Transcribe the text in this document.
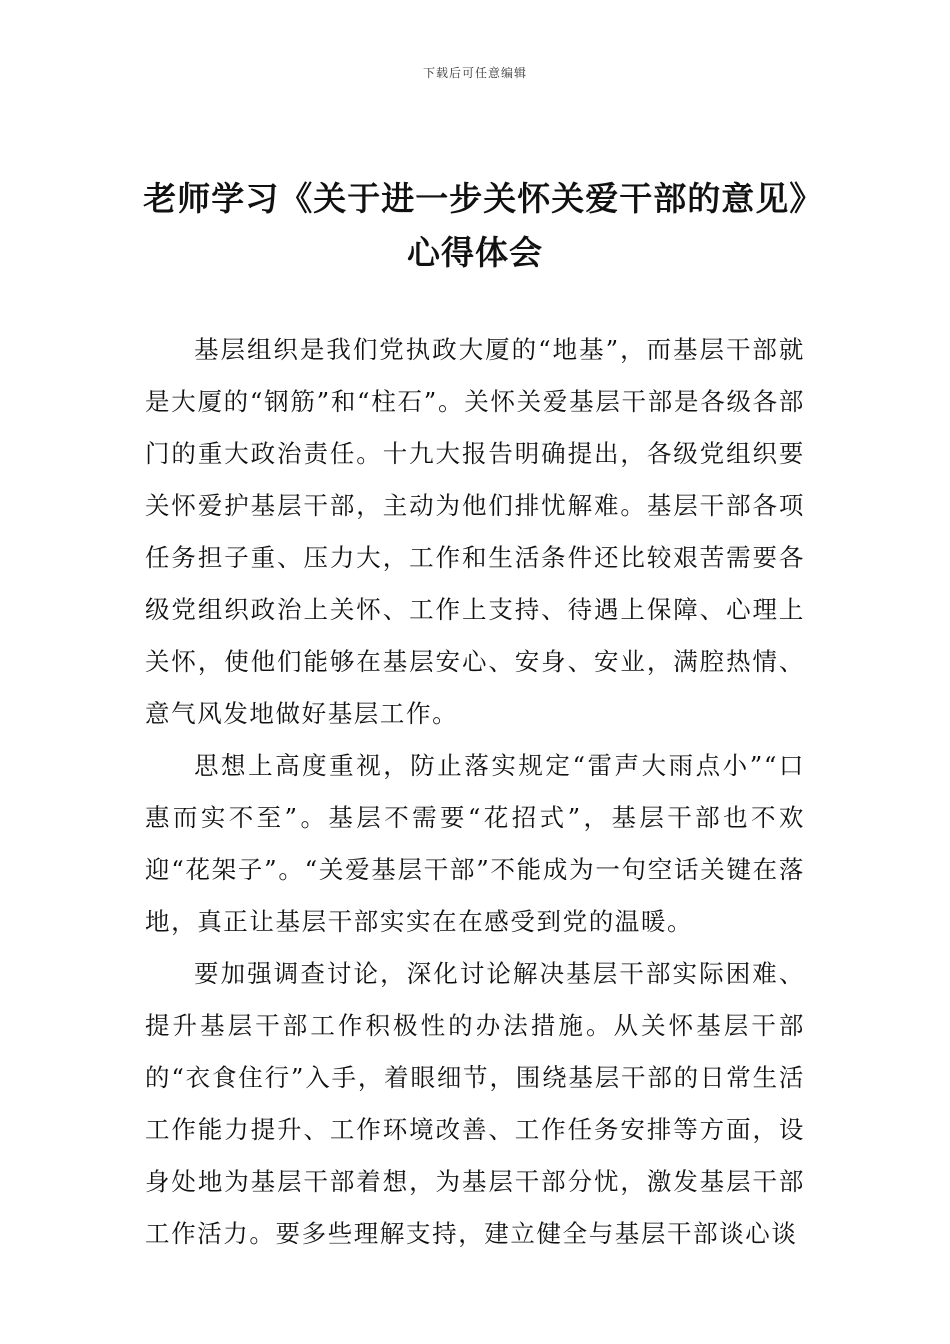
下载后可任意编辑
老师学习《关于进一步关怀关爱干部的意见》心得体会

基层组织是我们党执政大厦的“地基”，而基层干部就是大厦的“钢筋”和“柱石”。关怀关爱基层干部是各级各部门的重大政治责任。十九大报告明确提出，各级党组织要关怀爱护基层干部，主动为他们排忧解难。基层干部各项任务担子重、压力大，工作和生活条件还比较艰苦需要各级党组织政治上关怀、工作上支持、待遇上保障、心理上关怀，使他们能够在基层安心、安身、安业，满腔热情、意气风发地做好基层工作。

思想上高度重视，防止落实规定“雷声大雨点小”“口惠而实不至”。基层不需要“花招式”，基层干部也不欢迎“花架子”。“关爱基层干部”不能成为一句空话关键在落地，真正让基层干部实实在在感受到党的温暖。

要加强调查讨论，深化讨论解决基层干部实际困难、提升基层干部工作积极性的办法措施。从关怀基层干部的“衣食住行”入手，着眼细节，围绕基层干部的日常生活工作能力提升、工作环境改善、工作任务安排等方面，设身处地为基层干部着想，为基层干部分忧，激发基层干部工作活力。要多些理解支持，建立健全与基层干部谈心谈
